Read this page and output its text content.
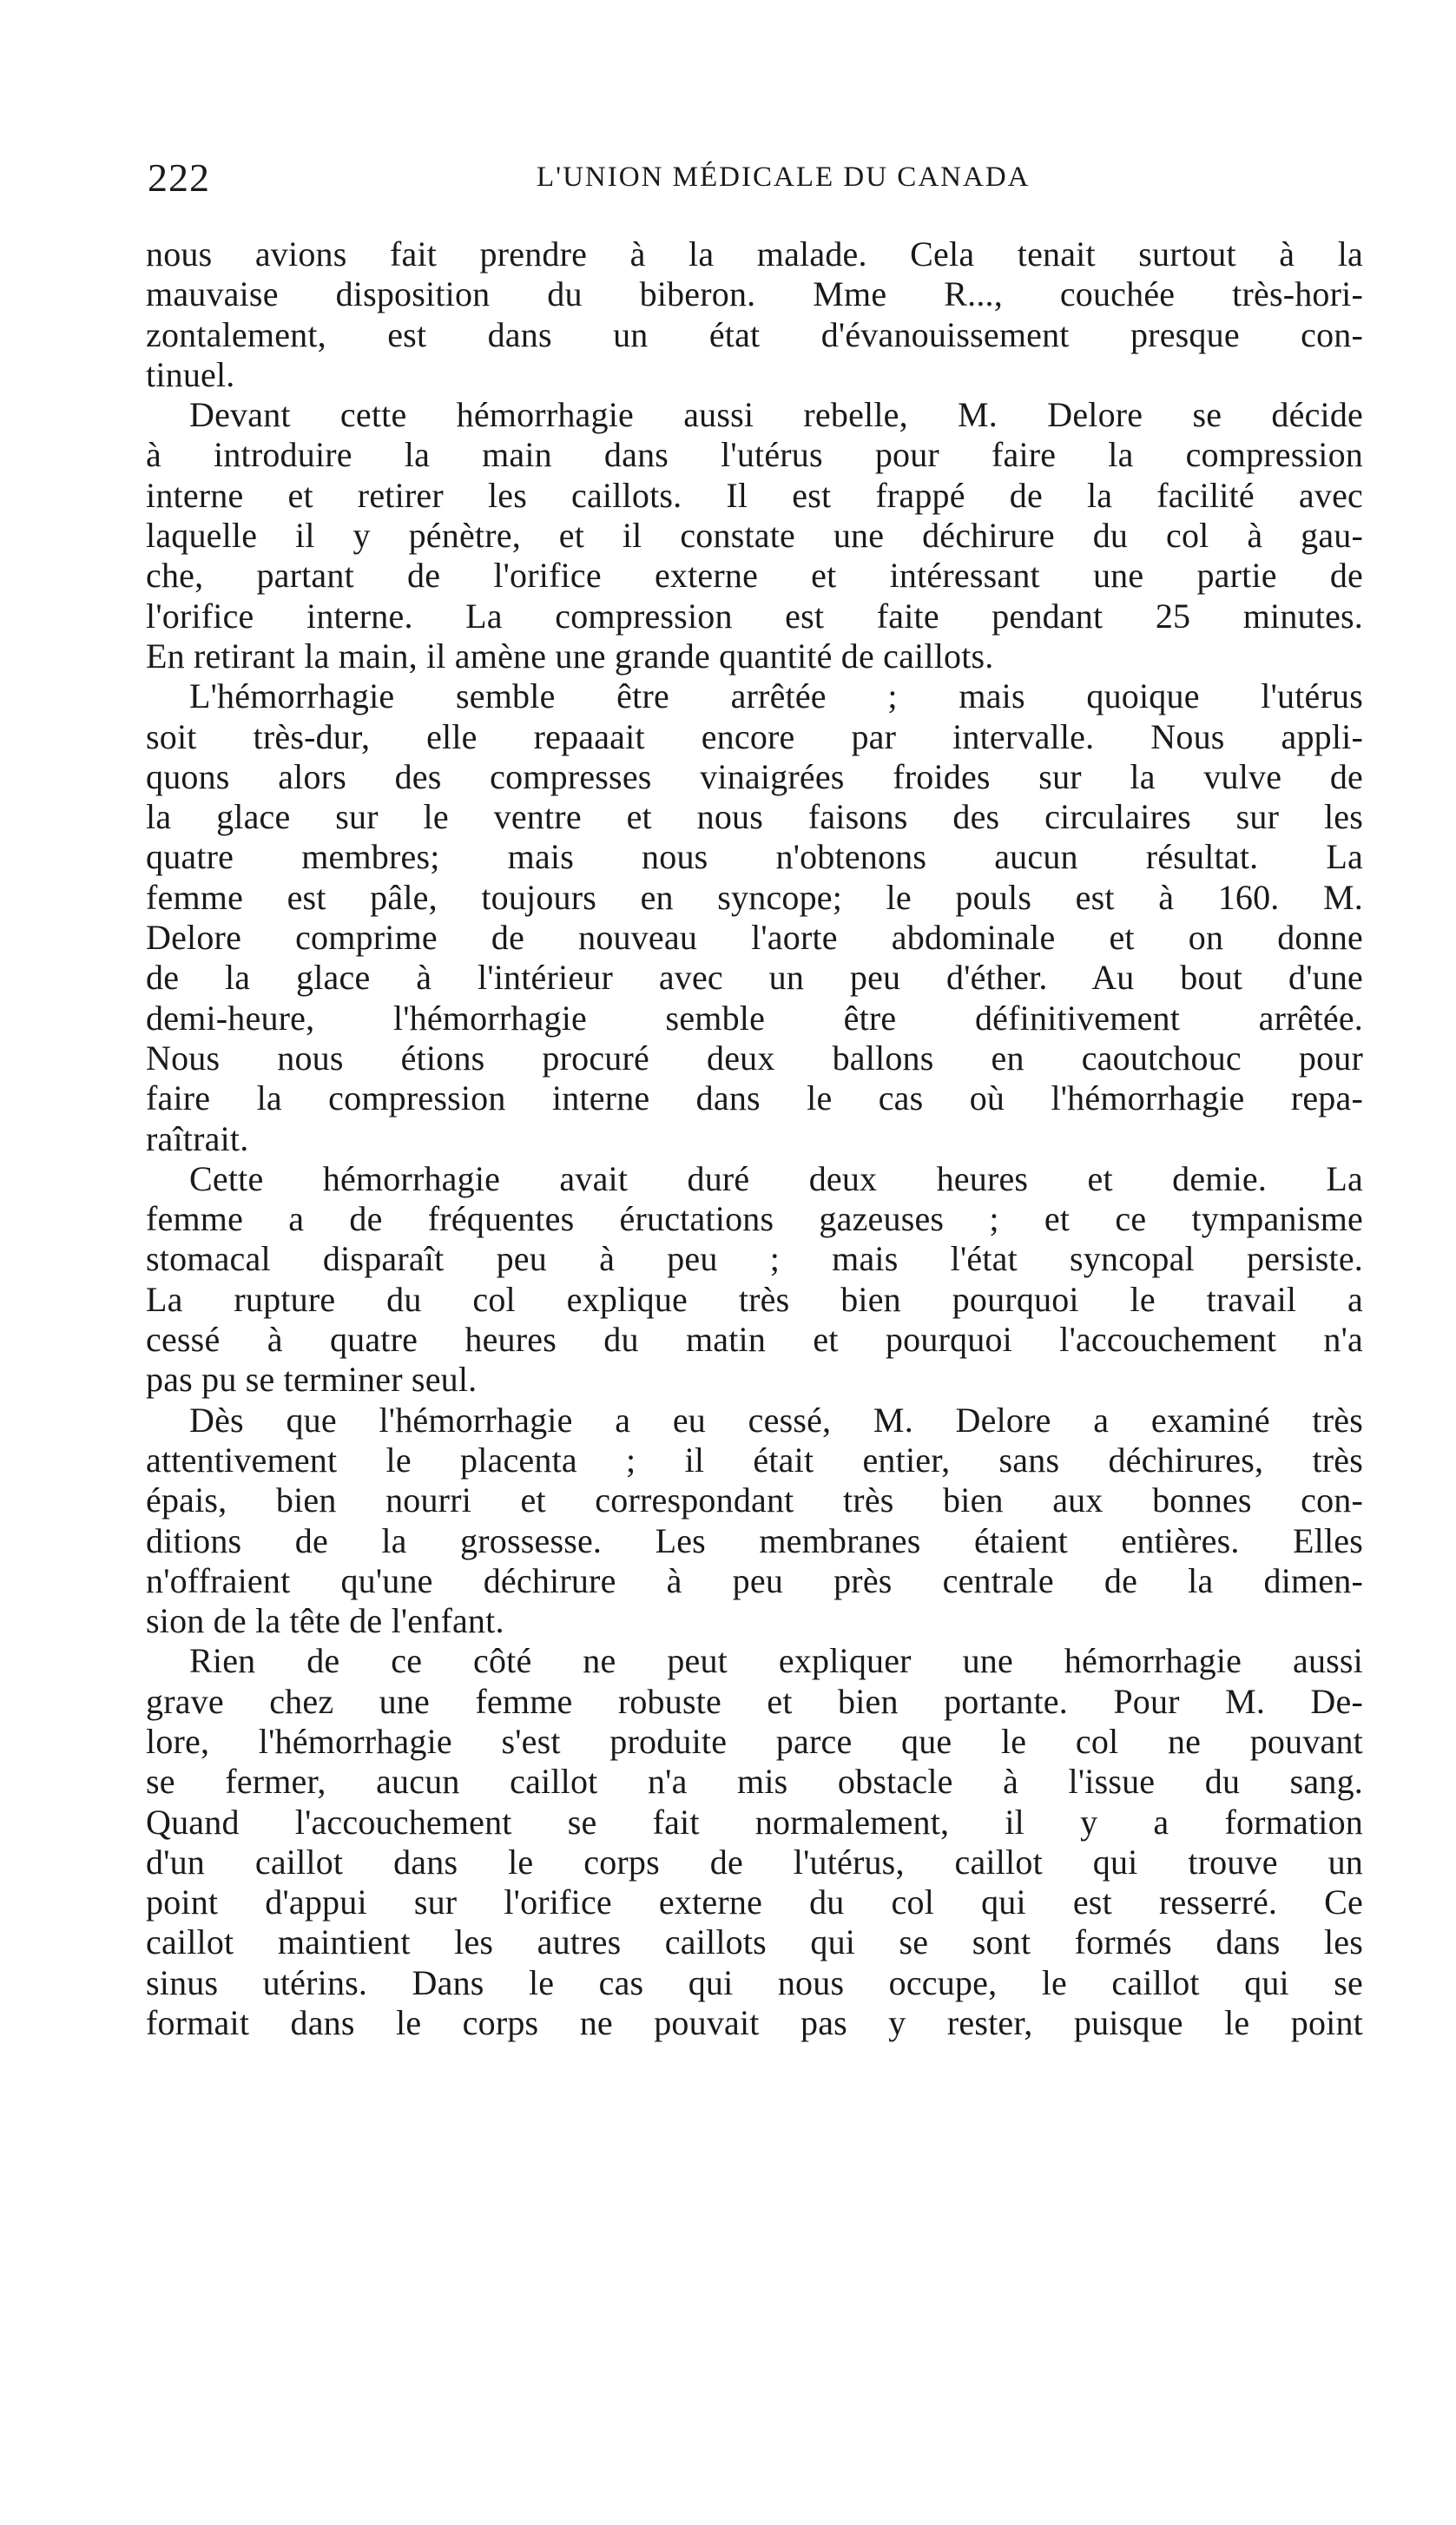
222	L'UNION MÉDICALE DU CANADA
nous avions fait prendre à la malade. Cela tenait surtout à la
mauvaise disposition du biberon. Mme R..., couchée très-hori-
zontalement, est dans un état d'évanouissement presque con-
tinuel.
Devant cette hémorrhagie aussi rebelle, M. Delore se décide
à introduire la main dans l'utérus pour faire la compression
interne et retirer les caillots. Il est frappé de la facilité avec
laquelle il y pénètre, et il constate une déchirure du col à gau-
che, partant de l'orifice externe et intéressant une partie de
l'orifice interne. La compression est faite pendant 25 minutes.
En retirant la main, il amène une grande quantité de caillots.
L'hémorrhagie semble être arrêtée ; mais quoique l'utérus
soit très-dur, elle repaaait encore par intervalle. Nous appli-
quons alors des compresses vinaigrées froides sur la vulve de
la glace sur le ventre et nous faisons des circulaires sur les
quatre membres; mais nous n'obtenons aucun résultat. La
femme est pâle, toujours en syncope; le pouls est à 160. M.
Delore comprime de nouveau l'aorte abdominale et on donne
de la glace à l'intérieur avec un peu d'éther. Au bout d'une
demi-heure, l'hémorrhagie semble être définitivement arrêtée.
Nous nous étions procuré deux ballons en caoutchouc pour
faire la compression interne dans le cas où l'hémorrhagie repa-
raîtrait.
Cette hémorrhagie avait duré deux heures et demie. La
femme a de fréquentes éructations gazeuses ; et ce tympanisme
stomacal disparaît peu à peu ; mais l'état syncopal persiste.
La rupture du col explique très bien pourquoi le travail a
cessé à quatre heures du matin et pourquoi l'accouchement n'a
pas pu se terminer seul.
Dès que l'hémorrhagie a eu cessé, M. Delore a examiné très
attentivement le placenta ; il était entier, sans déchirures, très
épais, bien nourri et correspondant très bien aux bonnes con-
ditions de la grossesse. Les membranes étaient entières. Elles
n'offraient qu'une déchirure à peu près centrale de la dimen-
sion de la tête de l'enfant.
Rien de ce côté ne peut expliquer une hémorrhagie aussi
grave chez une femme robuste et bien portante. Pour M. De-
lore, l'hémorrhagie s'est produite parce que le col ne pouvant
se fermer, aucun caillot n'a mis obstacle à l'issue du sang.
Quand l'accouchement se fait normalement, il y a formation
d'un caillot dans le corps de l'utérus, caillot qui trouve un
point d'appui sur l'orifice externe du col qui est resserré. Ce
caillot maintient les autres caillots qui se sont formés dans les
sinus utérins. Dans le cas qui nous occupe, le caillot qui se
formait dans le corps ne pouvait pas y rester, puisque le point
